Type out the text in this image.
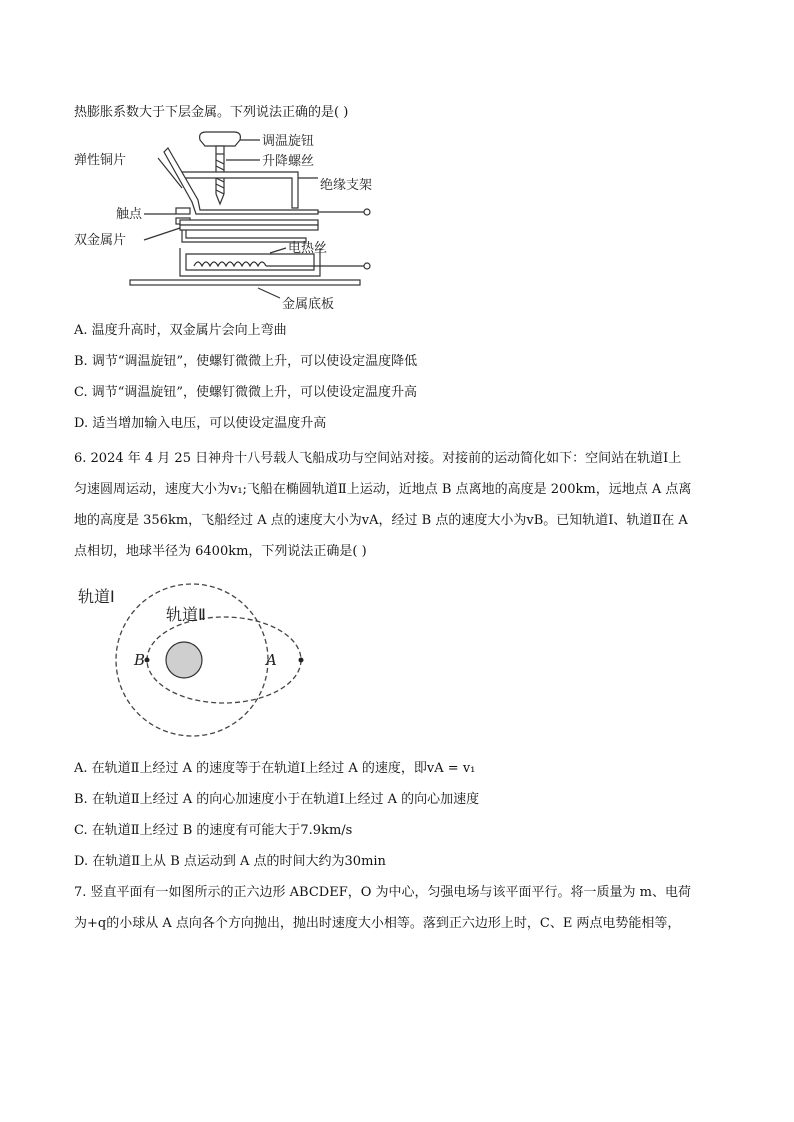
热膨胀系数大于下层金属。下列说法正确的是( )
调温旋钮
升降螺丝
弹性铜片
绝缘支架
触点
电热丝
双金属片
金属底板
A. 温度升高时，双金属片会向上弯曲
B. 调节“调温旋钮”，使螺钉微微上升，可以使设定温度降低
C. 调节“调温旋钮”，使螺钉微微上升，可以使设定温度升高
D. 适当增加输入电压，可以使设定温度升高
6. 2024 年 4 月 25 日神舟十八号载人飞船成功与空间站对接。对接前的运动简化如下：空间站在轨道Ⅰ上
匀速圆周运动，速度大小为v₁;飞船在椭圆轨道Ⅱ上运动，近地点 B 点离地的高度是 200km，远地点 A 点离
地的高度是 356km，飞船经过 A 点的速度大小为vA，经过 B 点的速度大小为vB。已知轨道Ⅰ、轨道Ⅱ在 A
点相切，地球半径为 6400km，下列说法正确是( )
轨道Ⅰ
轨道Ⅱ
B	A
A. 在轨道Ⅱ上经过 A 的速度等于在轨道Ⅰ上经过 A 的速度，即vA = v₁
B. 在轨道Ⅱ上经过 A 的向心加速度小于在轨道Ⅰ上经过 A 的向心加速度
C. 在轨道Ⅱ上经过 B 的速度有可能大于7.9km/s
D. 在轨道Ⅱ上从 B 点运动到 A 点的时间大约为30min
7. 竖直平面有一如图所示的正六边形 ABCDEF，O 为中心，匀强电场与该平面平行。将一质量为 m、电荷
为+q的小球从 A 点向各个方向抛出，抛出时速度大小相等。落到正六边形上时，C、E 两点电势能相等，
